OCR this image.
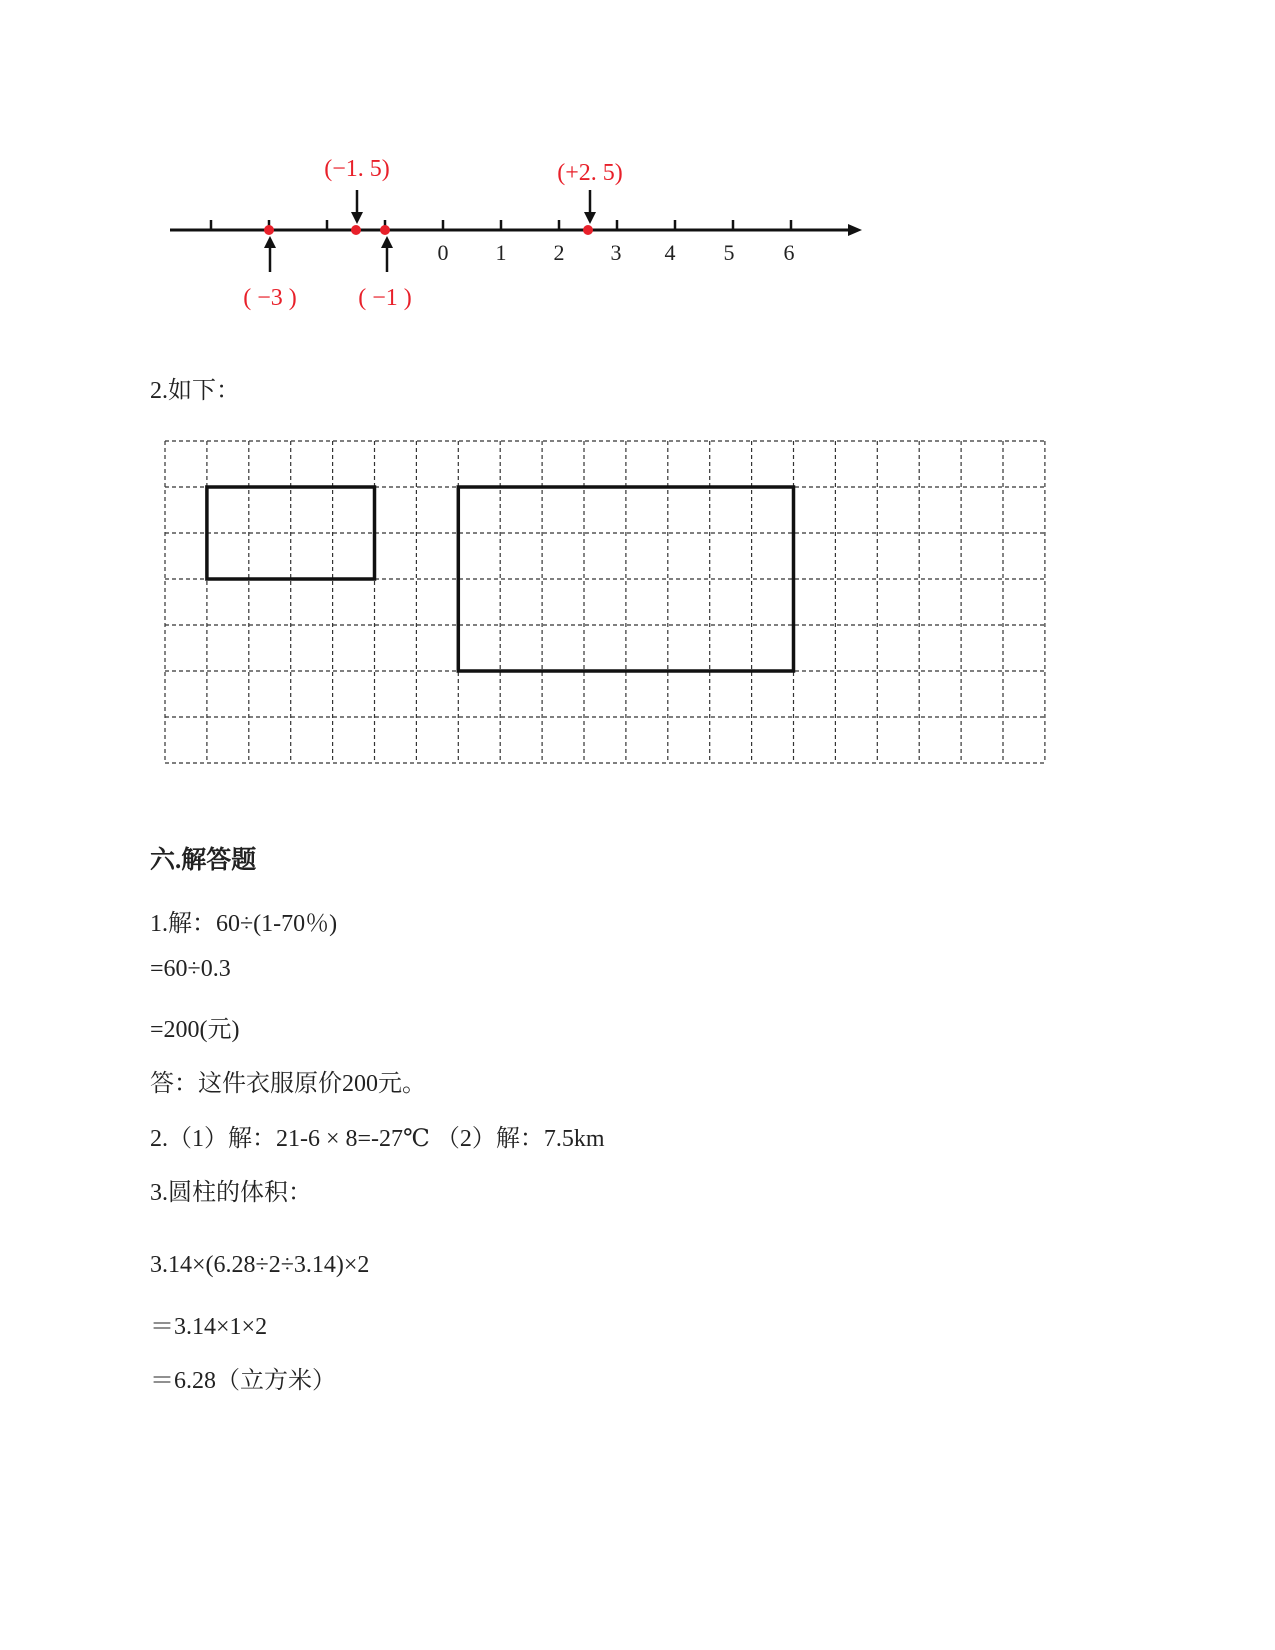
0 1 2 3 4 5 6
(−1. 5)	(+2. 5)
( −3 )	( −1 )
2.如下：
六.解答题
1.解：60÷(1-70％)
=60÷0.3
=200(元)
答：这件衣服原价200元。
2.（1）解：21-6 × 8=-27℃ （2）解：7.5km
3.圆柱的体积：
3.14×(6.28÷2÷3.14)×2
＝3.14×1×2
＝6.28（立方米）
